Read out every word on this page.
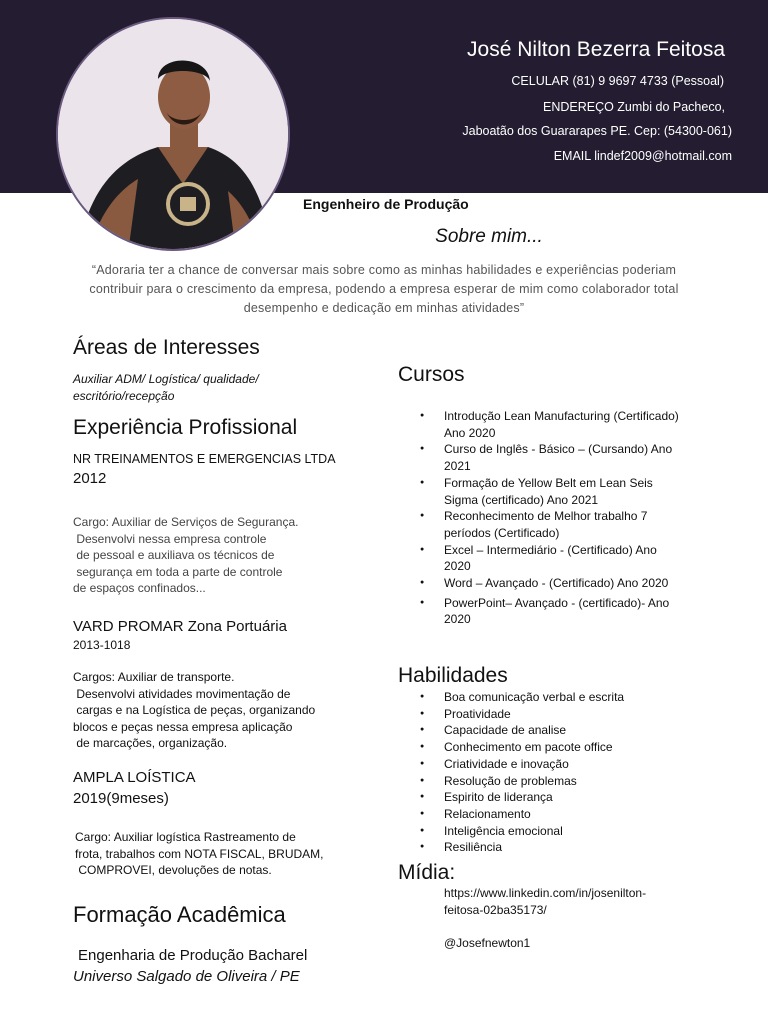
José Nilton Bezerra Feitosa
CELULAR (81) 9 9697 4733 (Pessoal)
ENDEREÇO Zumbi do Pacheco,
Jaboatão dos Guararapes PE. Cep: (54300-061)
EMAIL lindef2009@hotmail.com
Engenheiro de Produção
Sobre mim...
“Adoraria ter a chance de conversar mais sobre como as minhas habilidades e experiências poderiam contribuir para o crescimento da empresa, podendo a empresa esperar de mim como colaborador total desempenho e dedicação em minhas atividades”
Áreas de Interesses
Auxiliar ADM/ Logística/ qualidade/
escritório/recepção
Experiência Profissional
NR TREINAMENTOS E EMERGENCIAS LTDA
2012
Cargo: Auxiliar de Serviços de Segurança.
Desenvolvi nessa empresa controle
de pessoal e auxiliava os técnicos de
segurança em toda a parte de controle
de espaços confinados...
VARD PROMAR Zona Portuária
2013-1018
Cargos: Auxiliar de transporte.
Desenvolvi atividades movimentação de
cargas e na Logística de peças, organizando
blocos e peças nessa empresa aplicação
de marcações, organização.
AMPLA LOÍSTICA
2019(9meses)
Cargo: Auxiliar logística Rastreamento de
frota, trabalhos com NOTA FISCAL, BRUDAM,
COMPROVEI, devoluções de notas.
Formação Acadêmica
Engenharia de Produção Bacharel
Universo Salgado de Oliveira / PE
Cursos
● Introdução Lean Manufacturing (Certificado) Ano 2020
● Curso de Inglês - Básico – (Cursando) Ano 2021
● Formação de Yellow Belt em Lean Seis Sigma (certificado) Ano 2021
● Reconhecimento de Melhor trabalho 7 períodos (Certificado)
● Excel – Intermediário - (Certificado) Ano 2020
● Word – Avançado - (Certificado) Ano 2020
● PowerPoint– Avançado - (certificado)- Ano 2020
Habilidades
● Boa comunicação verbal e escrita
● Proatividade
● Capacidade de analise
● Conhecimento em pacote office
● Criatividade e inovação
● Resolução de problemas
● Espirito de liderança
● Relacionamento
● Inteligência emocional
● Resiliência
Mídia:
https://www.linkedin.com/in/josenilton-
feitosa-02ba35173/
@Josefnewton1
